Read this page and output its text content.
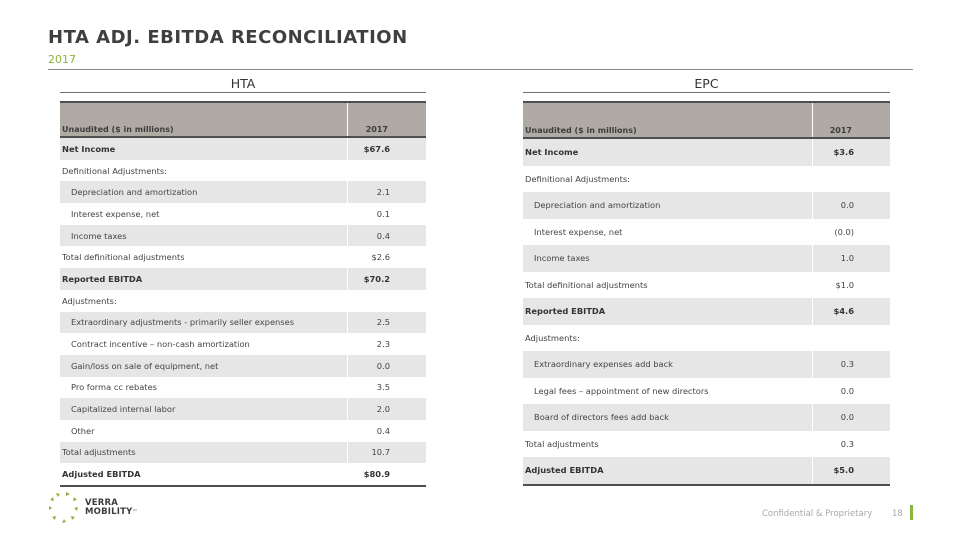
HTA ADJ. EBITDA RECONCILIATION
2017
HTA
Unaudited ($ in millions)	2017
Net Income	$67.6
Definitional Adjustments:	
Depreciation and amortization	2.1
Interest expense, net	0.1
Income taxes	0.4
Total definitional adjustments	$2.6
Reported EBITDA	$70.2
Adjustments:	
Extraordinary adjustments - primarily seller expenses	2.5
Contract incentive – non-cash amortization	2.3
Gain/loss on sale of equipment, net	0.0
Pro forma cc rebates	3.5
Capitalized internal labor	2.0
Other	0.4
Total adjustments	10.7
Adjusted EBITDA	$80.9
EPC
Unaudited ($ in millions)	2017
Net Income	$3.6
Definitional Adjustments:	
Depreciation and amortization	0.0
Interest expense, net	(0.0)
Income taxes	1.0
Total definitional adjustments	$1.0
Reported EBITDA	$4.6
Adjustments:	
Extraordinary expenses add back	0.3
Legal fees – appointment of new directors	0.0
Board of directors fees add back	0.0
Total adjustments	0.3
Adjusted EBITDA	$5.0
VERRA
MOBILITY™	Confidential & Proprietary 18
